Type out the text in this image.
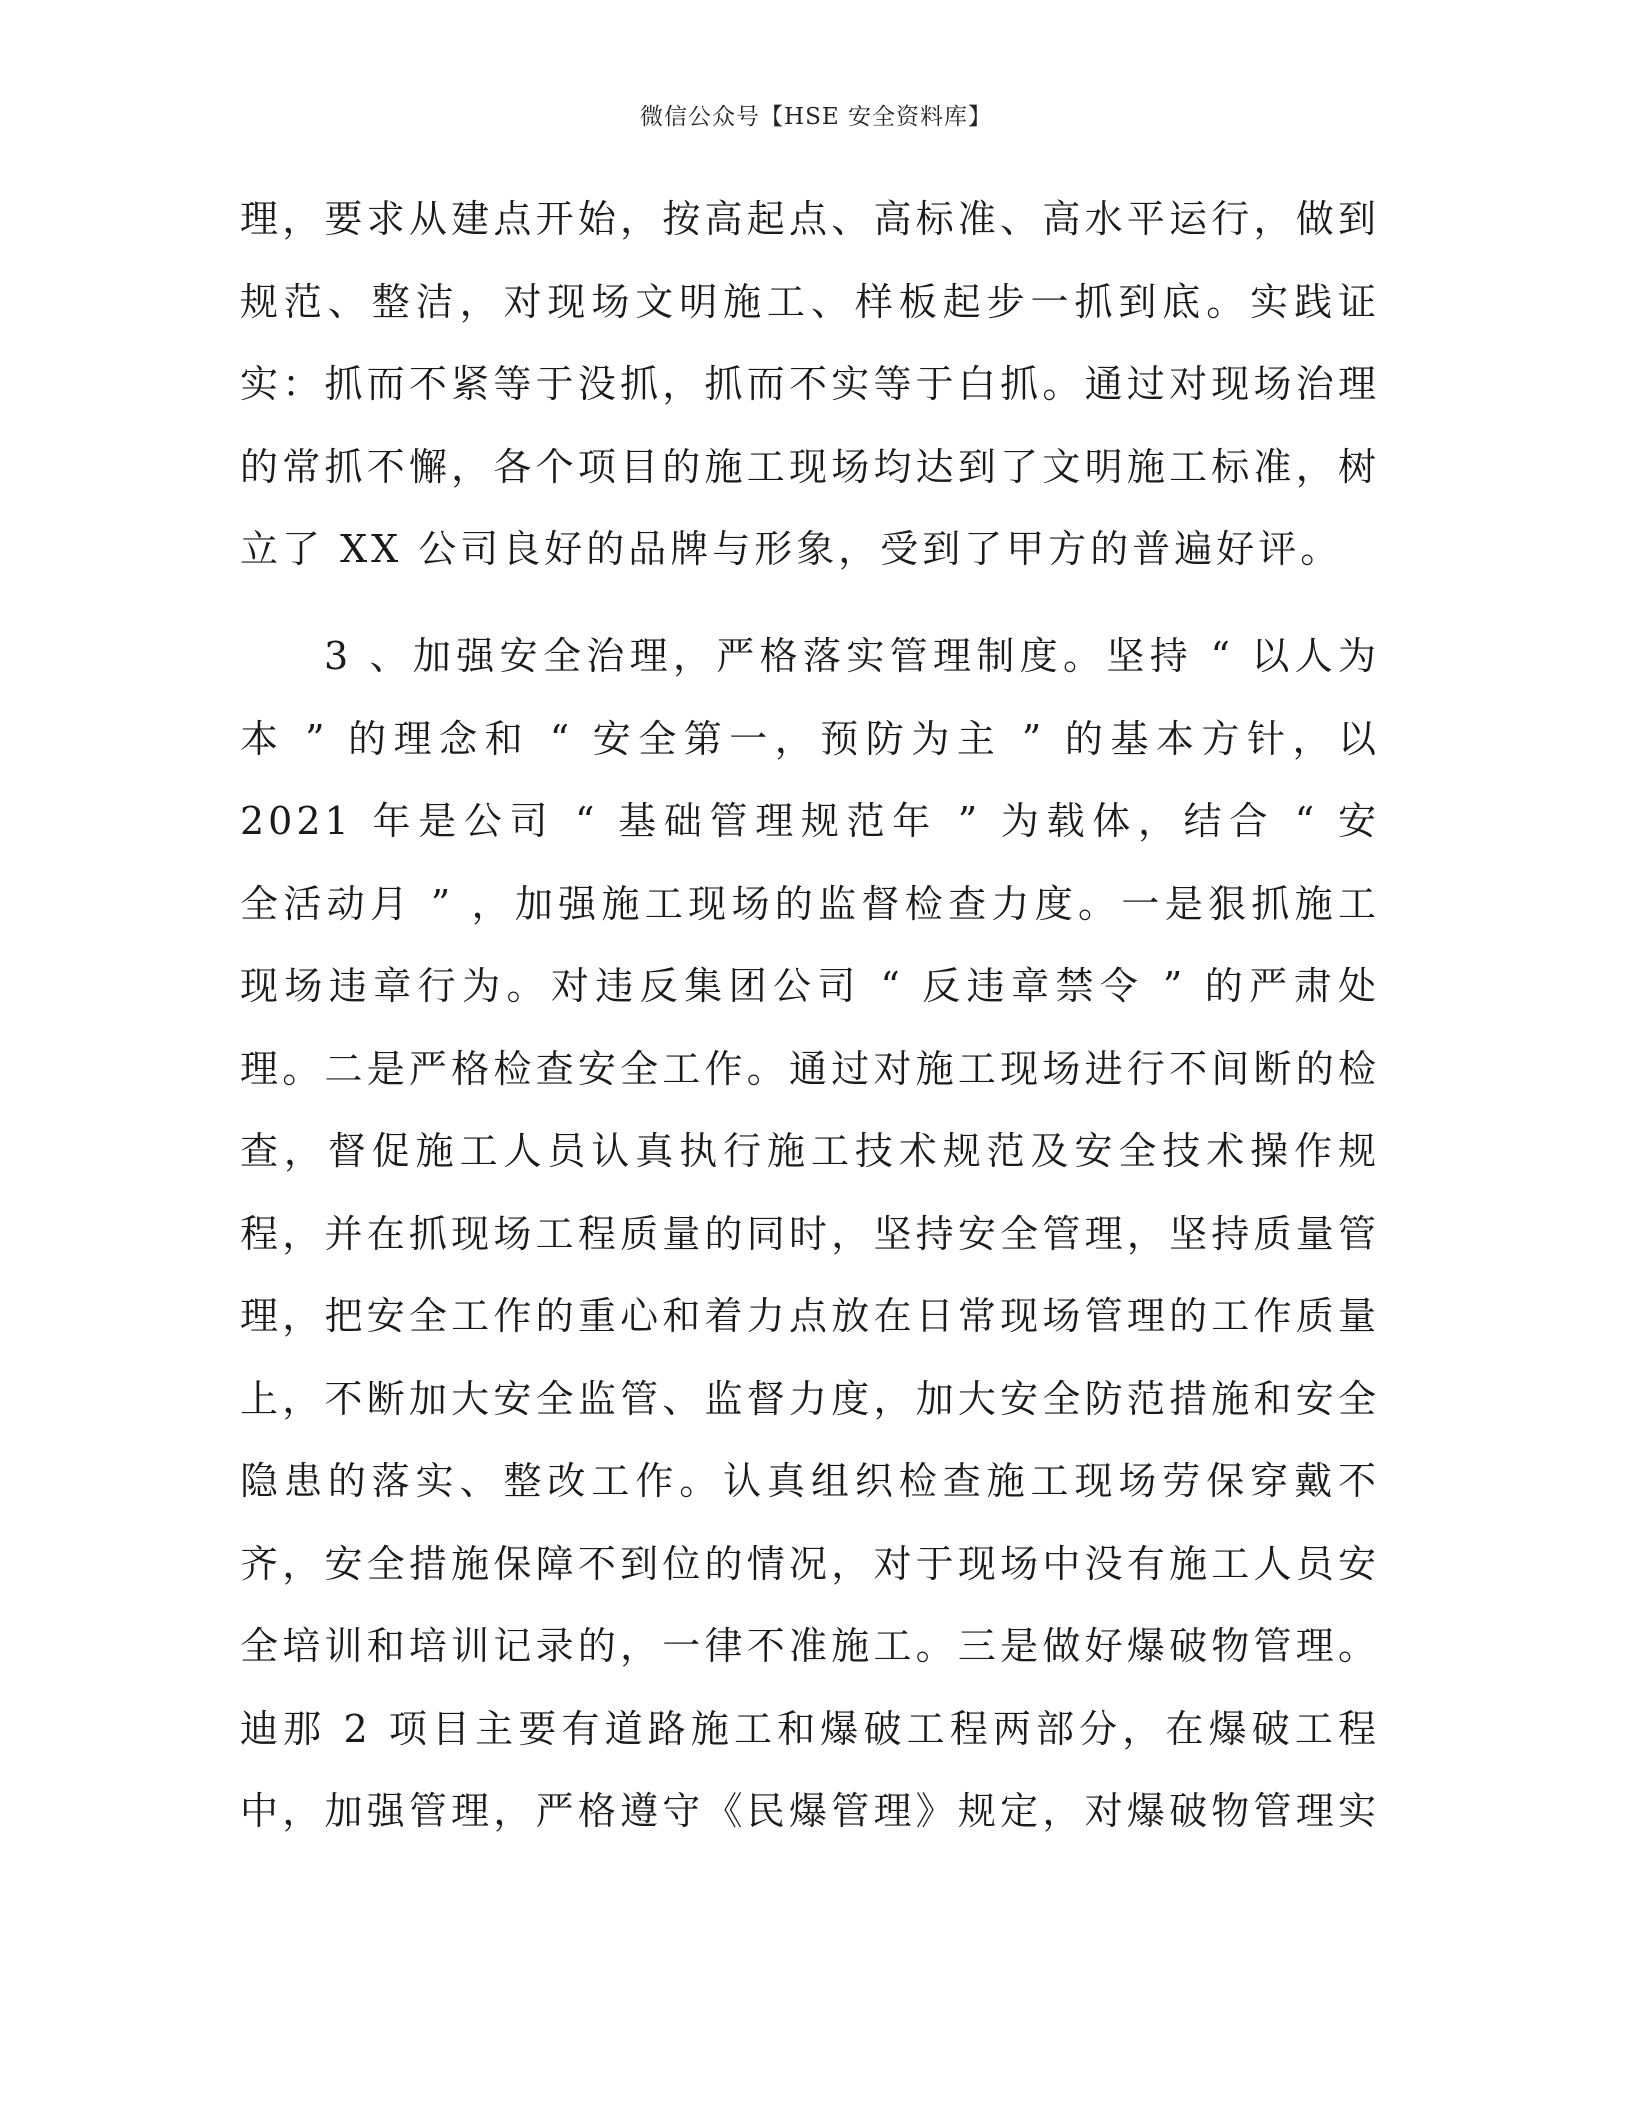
微信公众号【HSE 安全资料库】
理，要求从建点开始，按高起点、高标准、高水平运行，做到
规范、整洁，对现场文明施工、样板起步一抓到底。实践证
实：抓而不紧等于没抓，抓而不实等于白抓。通过对现场治理
的常抓不懈，各个项目的施工现场均达到了文明施工标准，树
立了 XX 公司良好的品牌与形象，受到了甲方的普遍好评。
3 、加强安全治理，严格落实管理制度。坚持 “ 以人为
本 ” 的理念和 “ 安全第一，预防为主 ” 的基本方针，以
2021 年是公司 “ 基础管理规范年 ” 为载体，结合 “ 安
全活动月 ” ，加强施工现场的监督检查力度。一是狠抓施工
现场违章行为。对违反集团公司 “ 反违章禁令 ” 的严肃处
理。二是严格检查安全工作。通过对施工现场进行不间断的检
查，督促施工人员认真执行施工技术规范及安全技术操作规
程，并在抓现场工程质量的同时，坚持安全管理，坚持质量管
理，把安全工作的重心和着力点放在日常现场管理的工作质量
上，不断加大安全监管、监督力度，加大安全防范措施和安全
隐患的落实、整改工作。认真组织检查施工现场劳保穿戴不
齐，安全措施保障不到位的情况，对于现场中没有施工人员安
全培训和培训记录的，一律不准施工。三是做好爆破物管理。
迪那 2 项目主要有道路施工和爆破工程两部分，在爆破工程
中，加强管理，严格遵守《民爆管理》规定，对爆破物管理实
